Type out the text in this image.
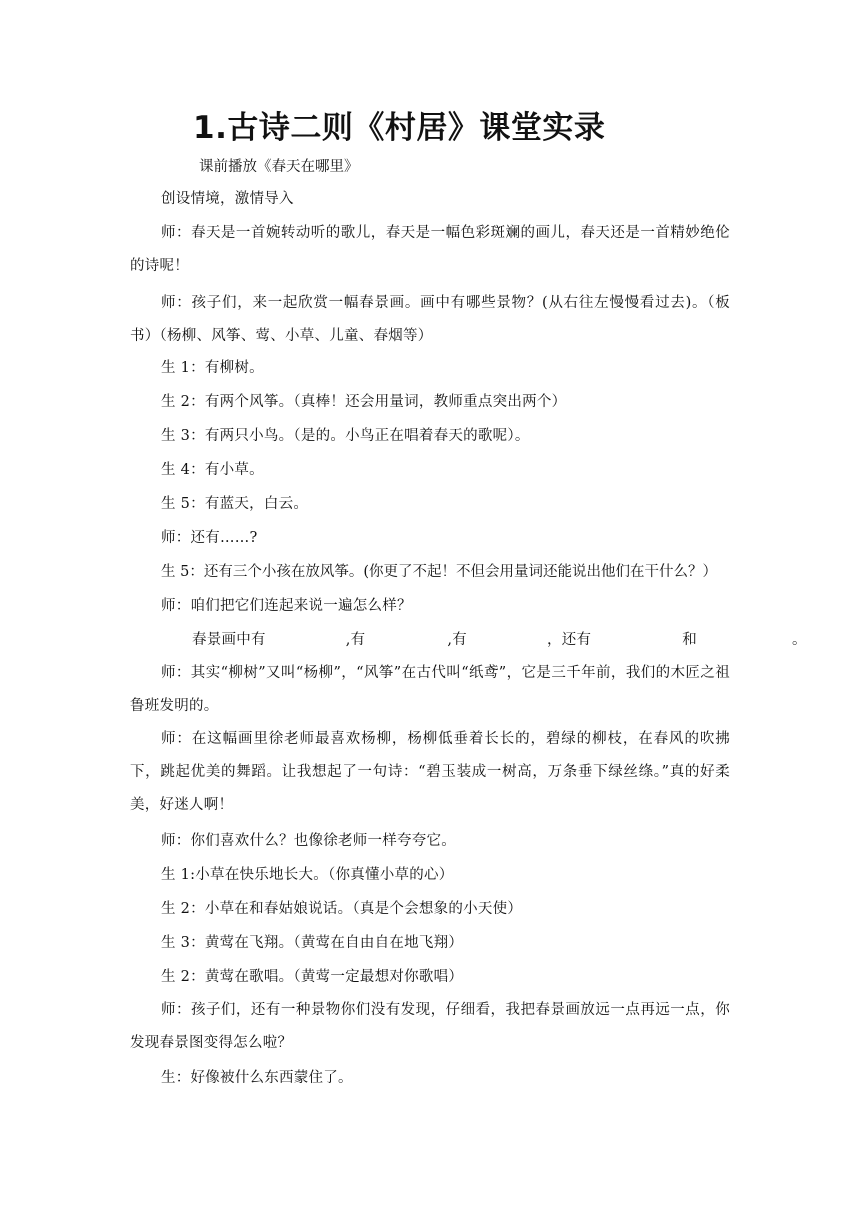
1.古诗二则《村居》课堂实录
课前播放《春天在哪里》

创设情境，激情导入

师：春天是一首婉转动听的歌儿，春天是一幅色彩斑斓的画儿，春天还是一首精妙绝伦的诗呢！

师：孩子们，来一起欣赏一幅春景画。画中有哪些景物？(从右往左慢慢看过去)。（板书）（杨柳、风筝、莺、小草、儿童、春烟等）

生 1：有柳树。

生 2：有两个风筝。（真棒！还会用量词，教师重点突出两个）

生 3：有两只小鸟。（是的。小鸟正在唱着春天的歌呢）。

生 4：有小草。

生 5：有蓝天，白云。

师：还有……?

生 5：还有三个小孩在放风筝。(你更了不起！不但会用量词还能说出他们在干什么？）

师：咱们把它们连起来说一遍怎么样？

春景画中有	,有	,有	，还有	和	。

师：其实“柳树”又叫“杨柳”，“风筝”在古代叫“纸鸢”，它是三千年前，我们的木匠之祖鲁班发明的。

师：在这幅画里徐老师最喜欢杨柳，杨柳低垂着长长的，碧绿的柳枝，在春风的吹拂下，跳起优美的舞蹈。让我想起了一句诗：“碧玉装成一树高，万条垂下绿丝绦。”真的好柔美，好迷人啊！

师：你们喜欢什么？也像徐老师一样夸夸它。

生 1:小草在快乐地长大。（你真懂小草的心）

生 2：小草在和春姑娘说话。（真是个会想象的小天使）

生 3：黄莺在飞翔。（黄莺在自由自在地飞翔）

生 2：黄莺在歌唱。（黄莺一定最想对你歌唱）

师：孩子们，还有一种景物你们没有发现，仔细看，我把春景画放远一点再远一点，你发现春景图变得怎么啦？

生：好像被什么东西蒙住了。
